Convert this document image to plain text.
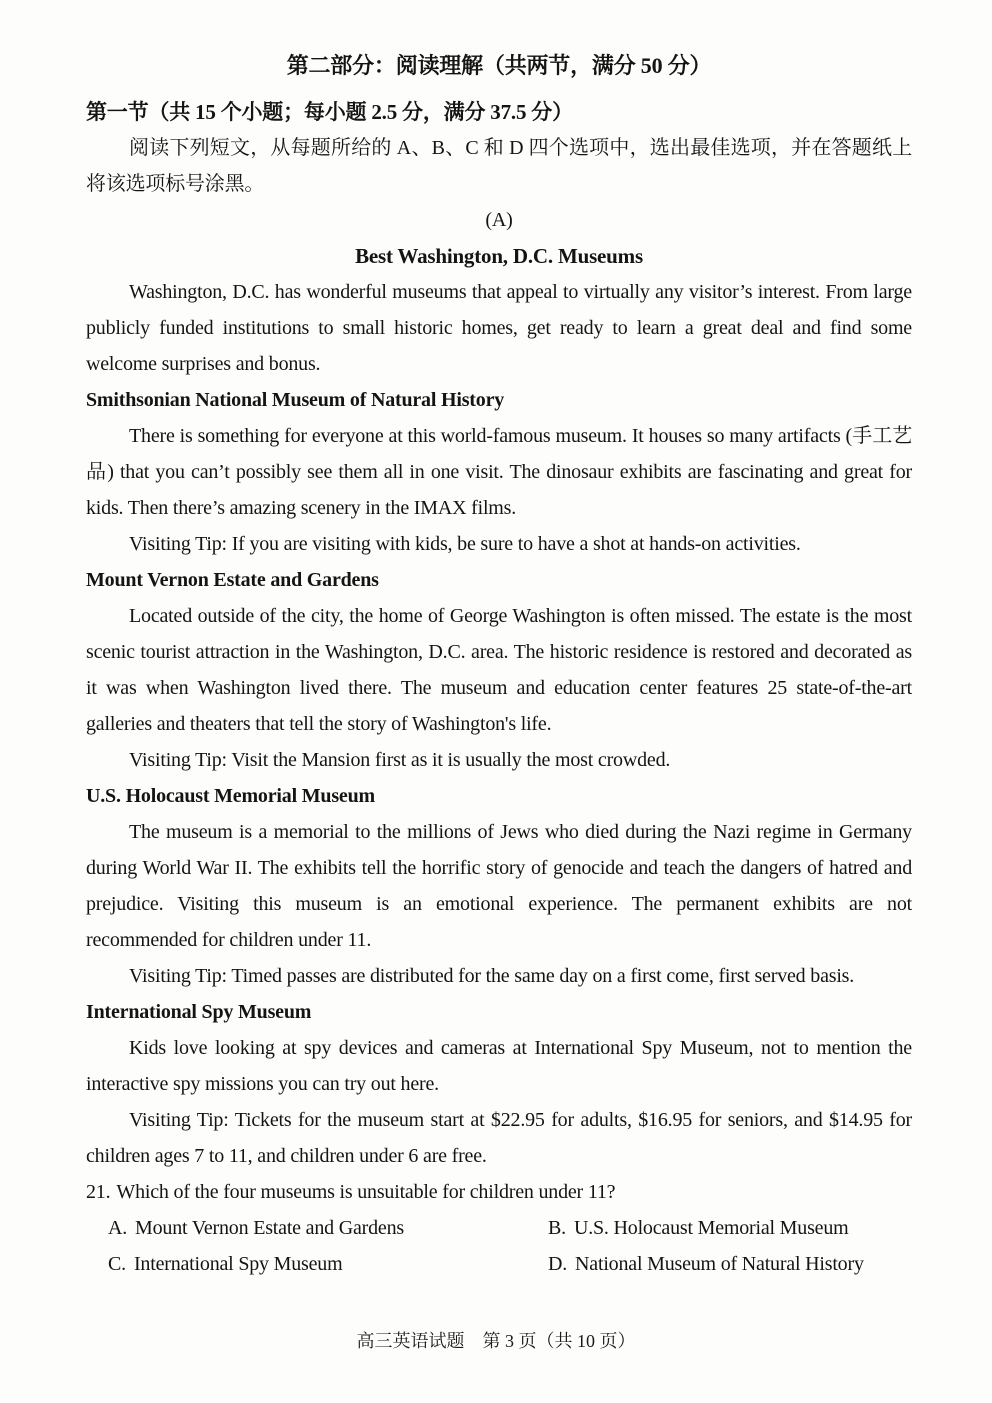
第二部分：阅读理解（共两节，满分 50 分）

第一节（共 15 个小题；每小题 2.5 分，满分 37.5 分）

阅读下列短文，从每题所给的 A、B、C 和 D 四个选项中，选出最佳选项，并在答题纸上将该选项标号涂黑。

(A)

Best Washington, D.C. Museums

Washington, D.C. has wonderful museums that appeal to virtually any visitor’s interest. From large publicly funded institutions to small historic homes, get ready to learn a great deal and find some welcome surprises and bonus.

Smithsonian National Museum of Natural History

There is something for everyone at this world-famous museum. It houses so many artifacts (手工艺品) that you can’t possibly see them all in one visit. The dinosaur exhibits are fascinating and great for kids. Then there’s amazing scenery in the IMAX films.

Visiting Tip: If you are visiting with kids, be sure to have a shot at hands-on activities.

Mount Vernon Estate and Gardens

Located outside of the city, the home of George Washington is often missed. The estate is the most scenic tourist attraction in the Washington, D.C. area. The historic residence is restored and decorated as it was when Washington lived there. The museum and education center features 25 state-of-the-art galleries and theaters that tell the story of Washington's life.

Visiting Tip: Visit the Mansion first as it is usually the most crowded.

U.S. Holocaust Memorial Museum

The museum is a memorial to the millions of Jews who died during the Nazi regime in Germany during World War II. The exhibits tell the horrific story of genocide and teach the dangers of hatred and prejudice. Visiting this museum is an emotional experience. The permanent exhibits are not recommended for children under 11.

Visiting Tip: Timed passes are distributed for the same day on a first come, first served basis.

International Spy Museum

Kids love looking at spy devices and cameras at International Spy Museum, not to mention the interactive spy missions you can try out here.

Visiting Tip: Tickets for the museum start at $22.95 for adults, $16.95 for seniors, and $14.95 for children ages 7 to 11, and children under 6 are free.

21. Which of the four museums is unsuitable for children under 11?

A. Mount Vernon Estate and Gardens	B. U.S. Holocaust Memorial Museum
C. International Spy Museum	D. National Museum of Natural History
高三英语试题　第 3 页（共 10 页）
